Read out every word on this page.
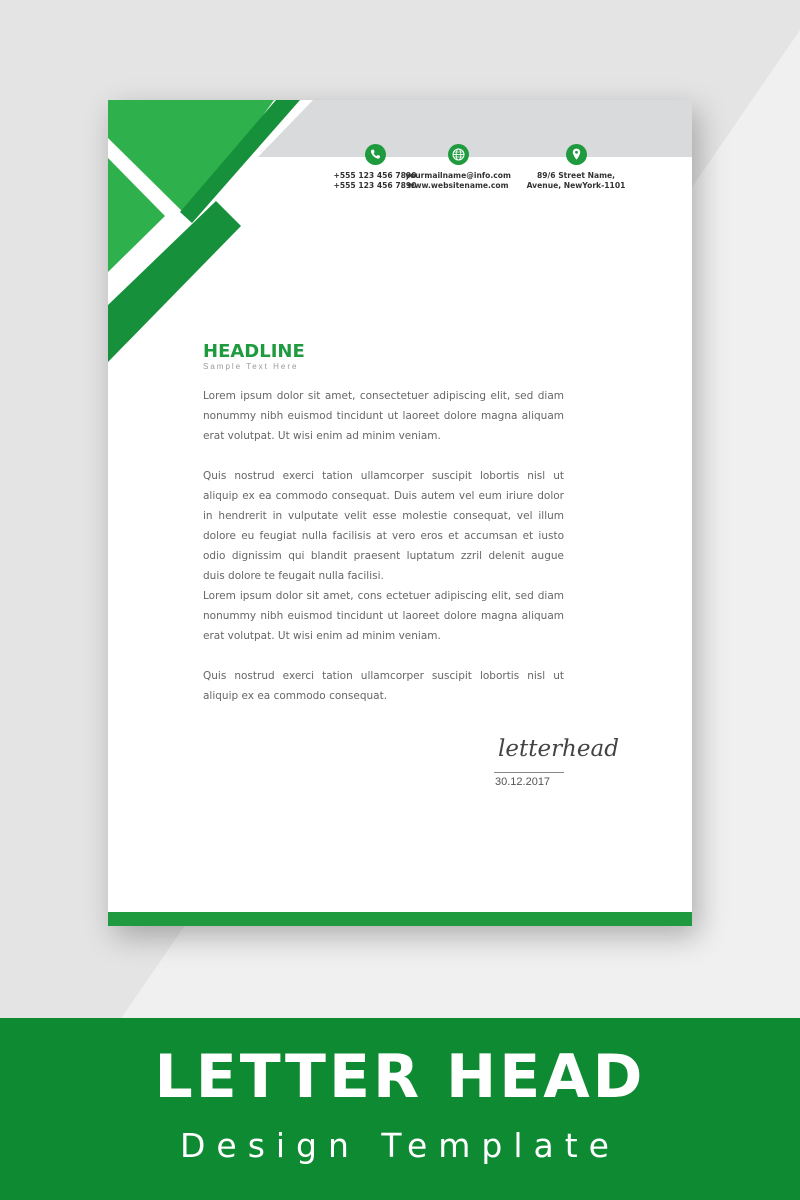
+555 123 456 7890
+555 123 456 7890
yourmailname@info.com
www.websitename.com
89/6 Street Name,
Avenue, NewYork-1101
HEADLINE
Sample Text Here

Lorem ipsum dolor sit amet, consectetuer adipiscing elit, sed diam nonummy nibh euismod tincidunt ut laoreet dolore magna aliquam erat volutpat. Ut wisi enim ad minim veniam.

Quis nostrud exerci tation ullamcorper suscipit lobortis nisl ut aliquip ex ea commodo consequat. Duis autem vel eum iriure dolor in hendrerit in vulputate velit esse molestie consequat, vel illum dolore eu feugiat nulla facilisis at vero eros et accumsan et iusto odio dignissim qui blandit praesent luptatum zzril delenit augue duis dolore te feugait nulla facilisi.

Lorem ipsum dolor sit amet, cons ectetuer adipiscing elit, sed diam nonummy nibh euismod tincidunt ut laoreet dolore magna aliquam erat volutpat. Ut wisi enim ad minim veniam.

Quis nostrud exerci tation ullamcorper suscipit lobortis nisl ut aliquip ex ea commodo consequat.

letterhead
30.12.2017
LETTER HEAD
Design Template
